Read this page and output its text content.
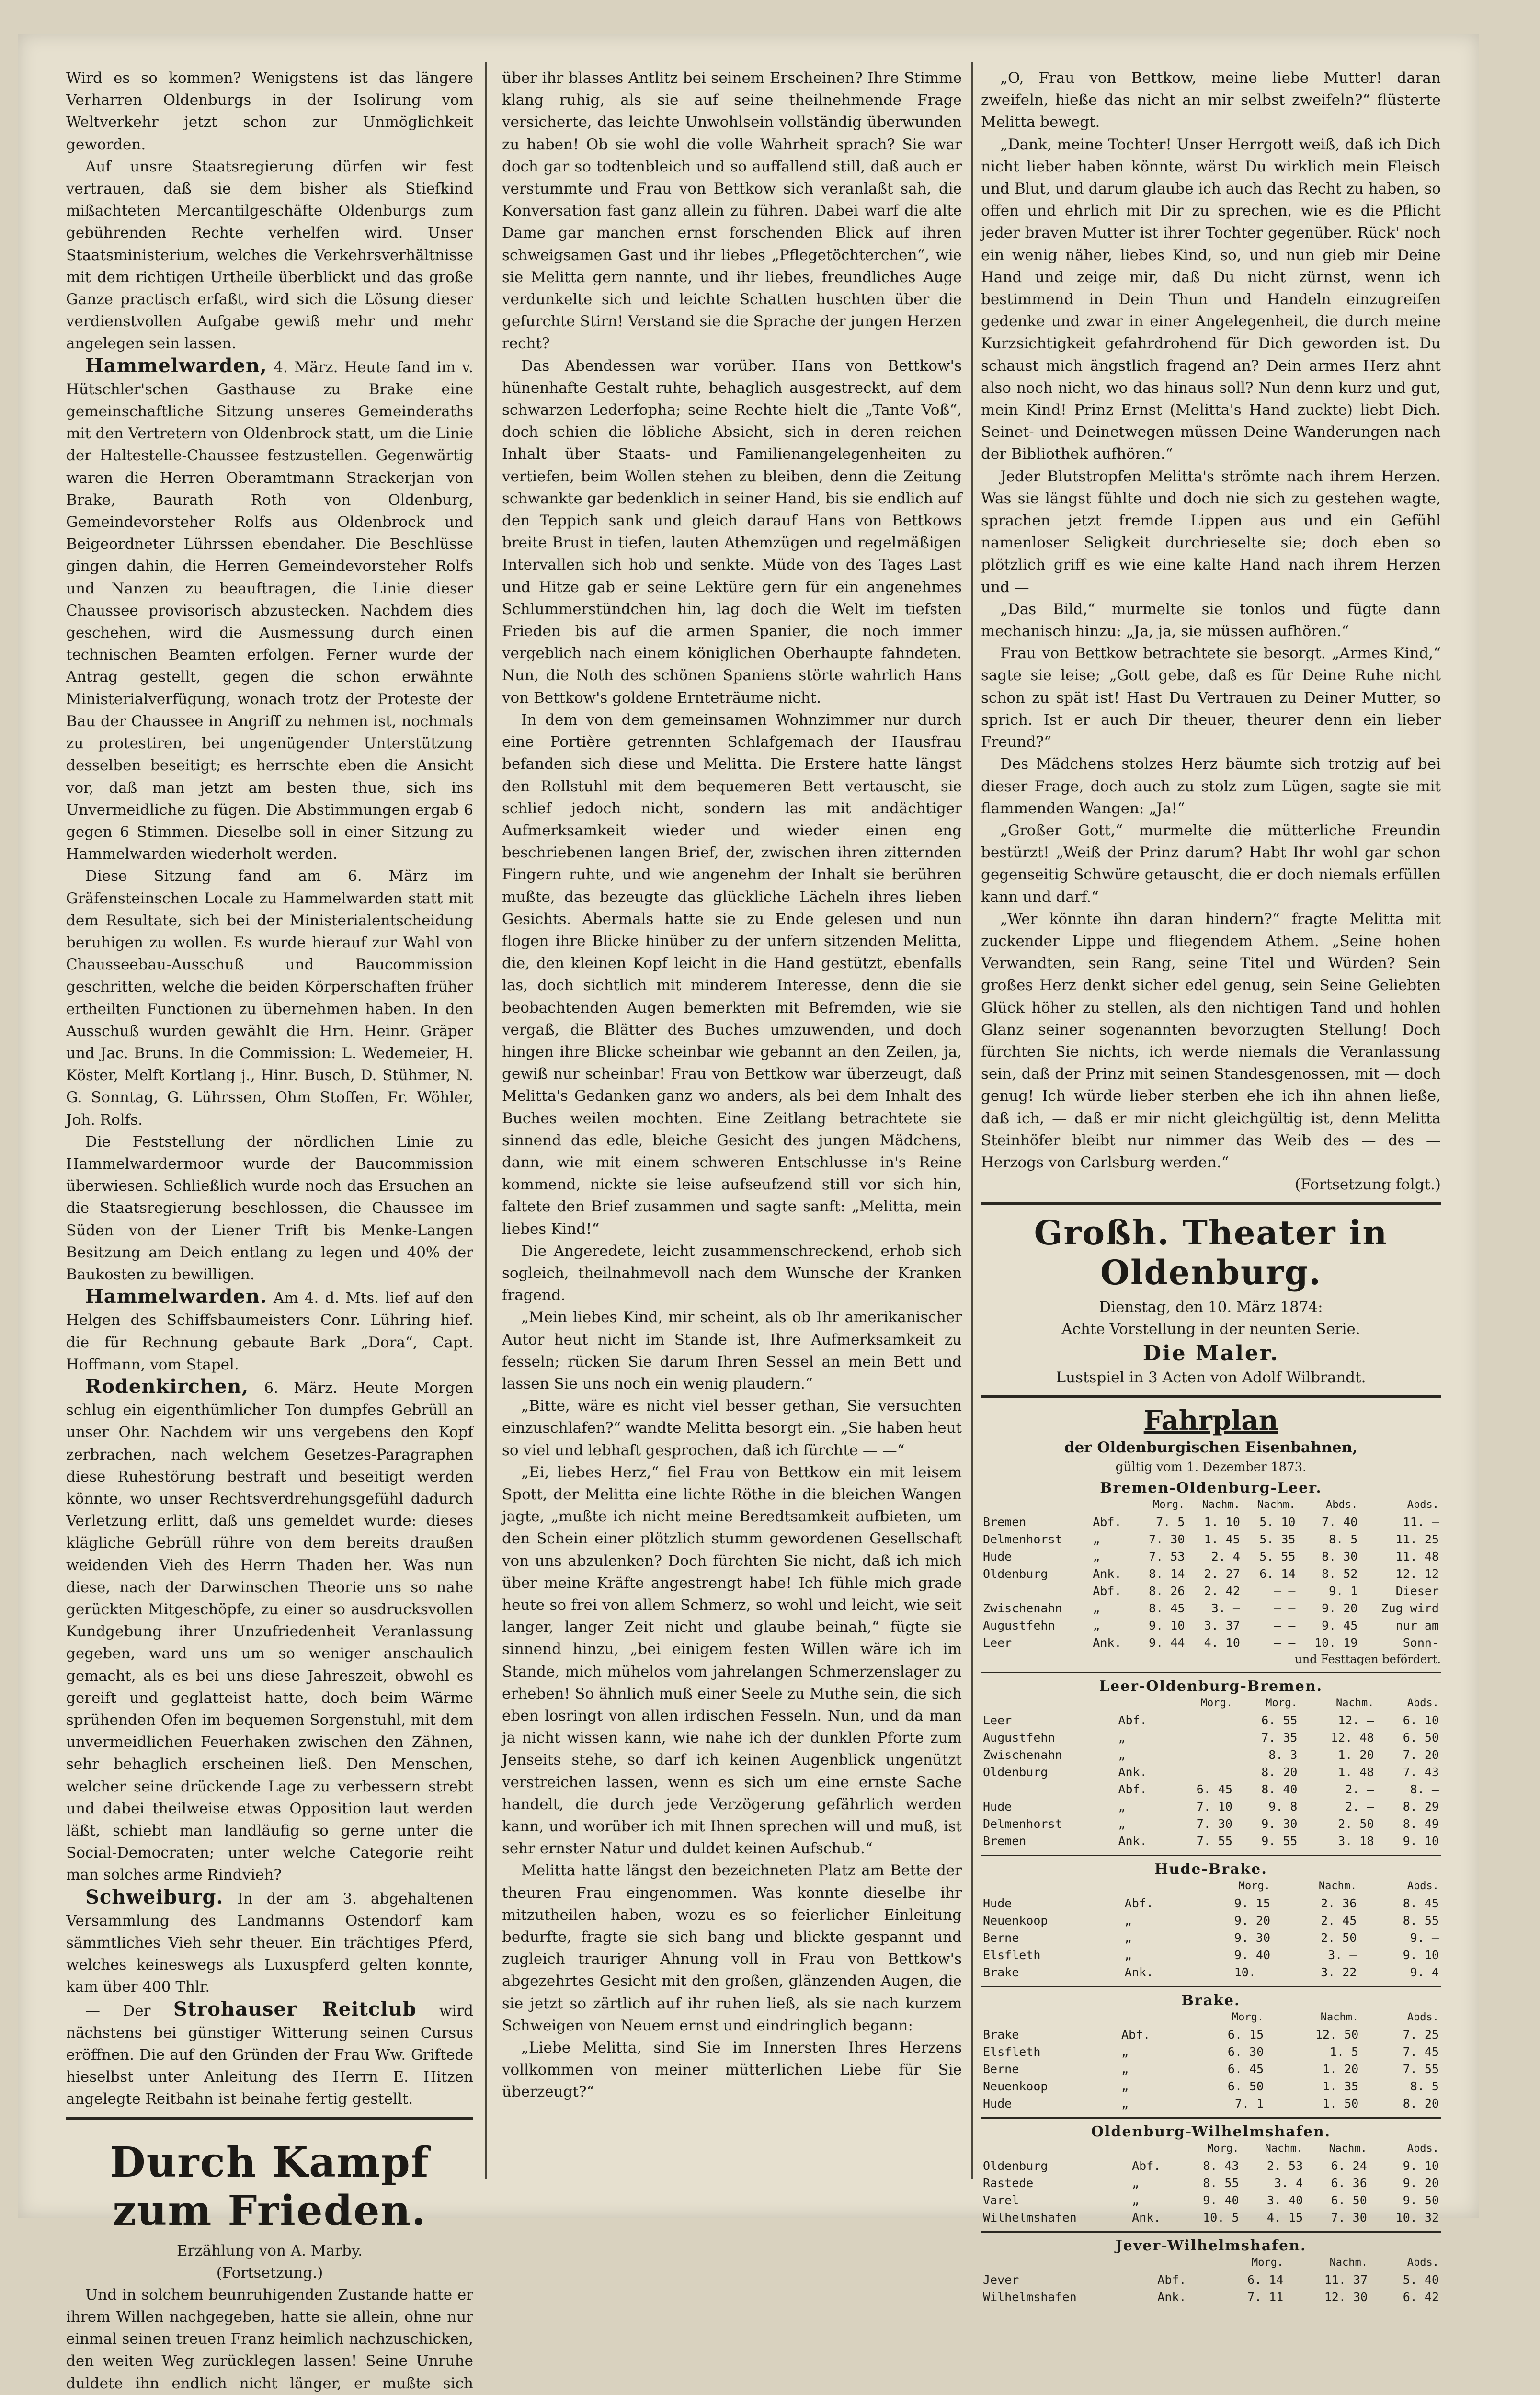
Wird es so kommen? Wenigstens ist das längere Verharren Oldenburgs in der Isolirung vom Weltverkehr jetzt schon zur Unmöglichkeit geworden.

Auf unsre Staatsregierung dürfen wir fest vertrauen, daß sie dem bisher als Stiefkind mißachteten Mercantilgeschäfte Oldenburgs zum gebührenden Rechte verhelfen wird. Unser Staatsministerium, welches die Verkehrsverhältnisse mit dem richtigen Urtheile überblickt und das große Ganze practisch erfaßt, wird sich die Lösung dieser verdienstvollen Aufgabe gewiß mehr und mehr angelegen sein lassen.

Hammelwarden, 4. März. Heute fand im v. Hütschler'schen Gasthause zu Brake eine gemeinschaftliche Sitzung unseres Gemeinderaths mit den Vertretern von Oldenbrock statt, um die Linie der Haltestelle-Chaussee festzustellen. Gegenwärtig waren die Herren Oberamtmann Strackerjan von Brake, Baurath Roth von Oldenburg, Gemeindevorsteher Rolfs aus Oldenbrock und Beigeordneter Lührssen ebendaher. Die Beschlüsse gingen dahin, die Herren Gemeindevorsteher Rolfs und Nanzen zu beauftragen, die Linie dieser Chaussee provisorisch abzustecken. Nachdem dies geschehen, wird die Ausmessung durch einen technischen Beamten erfolgen. Ferner wurde der Antrag gestellt, gegen die schon erwähnte Ministerialverfügung, wonach trotz der Proteste der Bau der Chaussee in Angriff zu nehmen ist, nochmals zu protestiren, bei ungenügender Unterstützung desselben beseitigt; es herrschte eben die Ansicht vor, daß man jetzt am besten thue, sich ins Unvermeidliche zu fügen. Die Abstimmungen ergab 6 gegen 6 Stimmen. Dieselbe soll in einer Sitzung zu Hammelwarden wiederholt werden.

Diese Sitzung fand am 6. März im Gräfensteinschen Locale zu Hammelwarden statt mit dem Resultate, sich bei der Ministerialentscheidung beruhigen zu wollen. Es wurde hierauf zur Wahl von Chausseebau-Ausschuß und Baucommission geschritten, welche die beiden Körperschaften früher ertheilten Functionen zu übernehmen haben. In den Ausschuß wurden gewählt die Hrn. Heinr. Gräper und Jac. Bruns. In die Commission: L. Wedemeier, H. Köster, Melft Kortlang j., Hinr. Busch, D. Stühmer, N. G. Sonntag, G. Lührssen, Ohm Stoffen, Fr. Wöhler, Joh. Rolfs.

Die Feststellung der nördlichen Linie zu Hammelwardermoor wurde der Baucommission überwiesen. Schließlich wurde noch das Ersuchen an die Staatsregierung beschlossen, die Chaussee im Süden von der Liener Trift bis Menke-Langen Besitzung am Deich entlang zu legen und 40% der Baukosten zu bewilligen.

Hammelwarden. Am 4. d. Mts. lief auf den Helgen des Schiffsbaumeisters Conr. Lühring hief. die für Rechnung gebaute Bark „Dora“, Capt. Hoffmann, vom Stapel.

Rodenkirchen, 6. März. Heute Morgen schlug ein eigenthümlicher Ton dumpfes Gebrüll an unser Ohr. Nachdem wir uns vergebens den Kopf zerbrachen, nach welchem Gesetzes-Paragraphen diese Ruhestörung bestraft und beseitigt werden könnte, wo unser Rechtsverdrehungsgefühl dadurch Verletzung erlitt, daß uns gemeldet wurde: dieses klägliche Gebrüll rühre von dem bereits draußen weidenden Vieh des Herrn Thaden her. Was nun diese, nach der Darwinschen Theorie uns so nahe gerückten Mitgeschöpfe, zu einer so ausdrucksvollen Kundgebung ihrer Unzufriedenheit Veranlassung gegeben, ward uns um so weniger anschaulich gemacht, als es bei uns diese Jahreszeit, obwohl es gereift und geglatteist hatte, doch beim Wärme sprühenden Ofen im bequemen Sorgenstuhl, mit dem unvermeidlichen Feuerhaken zwischen den Zähnen, sehr behaglich erscheinen ließ. Den Menschen, welcher seine drückende Lage zu verbessern strebt und dabei theilweise etwas Opposition laut werden läßt, schiebt man landläufig so gerne unter die Social-Democraten; unter welche Categorie reiht man solches arme Rindvieh?

Schweiburg. In der am 3. abgehaltenen Versammlung des Landmanns Ostendorf kam sämmtliches Vieh sehr theuer. Ein trächtiges Pferd, welches keineswegs als Luxuspferd gelten konnte, kam über 400 Thlr.

— Der Strohauser Reitclub wird nächstens bei günstiger Witterung seinen Cursus eröffnen. Die auf den Gründen der Frau Ww. Griftede hieselbst unter Anleitung des Herrn E. Hitzen angelegte Reitbahn ist beinahe fertig gestellt.

Durch Kampf zum Frieden.

Erzählung von A. Marby.

(Fortsetzung.)

Und in solchem beunruhigenden Zustande hatte er ihrem Willen nachgegeben, hatte sie allein, ohne nur einmal seinen treuen Franz heimlich nachzuschicken, den weiten Weg zurücklegen lassen! Seine Unruhe duldete ihn endlich nicht länger, er mußte sich

über ihr blasses Antlitz bei seinem Erscheinen? Ihre Stimme klang ruhig, als sie auf seine theilnehmende Frage versicherte, das leichte Unwohlsein vollständig überwunden zu haben! Ob sie wohl die volle Wahrheit sprach? Sie war doch gar so todtenbleich und so auffallend still, daß auch er verstummte und Frau von Bettkow sich veranlaßt sah, die Konversation fast ganz allein zu führen. Dabei warf die alte Dame gar manchen ernst forschenden Blick auf ihren schweigsamen Gast und ihr liebes „Pflegetöchterchen“, wie sie Melitta gern nannte, und ihr liebes, freundliches Auge verdunkelte sich und leichte Schatten huschten über die gefurchte Stirn! Verstand sie die Sprache der jungen Herzen recht?

Das Abendessen war vorüber. Hans von Bettkow's hünenhafte Gestalt ruhte, behaglich ausgestreckt, auf dem schwarzen Lederfopha; seine Rechte hielt die „Tante Voß“, doch schien die löbliche Absicht, sich in deren reichen Inhalt über Staats- und Familienangelegenheiten zu vertiefen, beim Wollen stehen zu bleiben, denn die Zeitung schwankte gar bedenklich in seiner Hand, bis sie endlich auf den Teppich sank und gleich darauf Hans von Bettkows breite Brust in tiefen, lauten Athemzügen und regelmäßigen Intervallen sich hob und senkte. Müde von des Tages Last und Hitze gab er seine Lektüre gern für ein angenehmes Schlummerstündchen hin, lag doch die Welt im tiefsten Frieden bis auf die armen Spanier, die noch immer vergeblich nach einem königlichen Oberhaupte fahndeten. Nun, die Noth des schönen Spaniens störte wahrlich Hans von Bettkow's goldene Ernteträume nicht.

In dem von dem gemeinsamen Wohnzimmer nur durch eine Portière getrennten Schlafgemach der Hausfrau befanden sich diese und Melitta. Die Erstere hatte längst den Rollstuhl mit dem bequemeren Bett vertauscht, sie schlief jedoch nicht, sondern las mit andächtiger Aufmerksamkeit wieder und wieder einen eng beschriebenen langen Brief, der, zwischen ihren zitternden Fingern ruhte, und wie angenehm der Inhalt sie berühren mußte, das bezeugte das glückliche Lächeln ihres lieben Gesichts. Abermals hatte sie zu Ende gelesen und nun flogen ihre Blicke hinüber zu der unfern sitzenden Melitta, die, den kleinen Kopf leicht in die Hand gestützt, ebenfalls las, doch sichtlich mit minderem Interesse, denn die sie beobachtenden Augen bemerkten mit Befremden, wie sie vergaß, die Blätter des Buches umzuwenden, und doch hingen ihre Blicke scheinbar wie gebannt an den Zeilen, ja, gewiß nur scheinbar! Frau von Bettkow war überzeugt, daß Melitta's Gedanken ganz wo anders, als bei dem Inhalt des Buches weilen mochten. Eine Zeitlang betrachtete sie sinnend das edle, bleiche Gesicht des jungen Mädchens, dann, wie mit einem schweren Entschlusse in's Reine kommend, nickte sie leise aufseufzend still vor sich hin, faltete den Brief zusammen und sagte sanft: „Melitta, mein liebes Kind!“

Die Angeredete, leicht zusammenschreckend, erhob sich sogleich, theilnahmevoll nach dem Wunsche der Kranken fragend.

„Mein liebes Kind, mir scheint, als ob Ihr amerikanischer Autor heut nicht im Stande ist, Ihre Aufmerksamkeit zu fesseln; rücken Sie darum Ihren Sessel an mein Bett und lassen Sie uns noch ein wenig plaudern.“

„Bitte, wäre es nicht viel besser gethan, Sie versuchten einzuschlafen?“ wandte Melitta besorgt ein. „Sie haben heut so viel und lebhaft gesprochen, daß ich fürchte — —“

„Ei, liebes Herz,“ fiel Frau von Bettkow ein mit leisem Spott, der Melitta eine lichte Röthe in die bleichen Wangen jagte, „mußte ich nicht meine Beredtsamkeit aufbieten, um den Schein einer plötzlich stumm gewordenen Gesellschaft von uns abzulenken? Doch fürchten Sie nicht, daß ich mich über meine Kräfte angestrengt habe! Ich fühle mich grade heute so frei von allem Schmerz, so wohl und leicht, wie seit langer, langer Zeit nicht und glaube beinah,“ fügte sie sinnend hinzu, „bei einigem festen Willen wäre ich im Stande, mich mühelos vom jahrelangen Schmerzenslager zu erheben! So ähnlich muß einer Seele zu Muthe sein, die sich eben losringt von allen irdischen Fesseln. Nun, und da man ja nicht wissen kann, wie nahe ich der dunklen Pforte zum Jenseits stehe, so darf ich keinen Augenblick ungenützt verstreichen lassen, wenn es sich um eine ernste Sache handelt, die durch jede Verzögerung gefährlich werden kann, und worüber ich mit Ihnen sprechen will und muß, ist sehr ernster Natur und duldet keinen Aufschub.“

Melitta hatte längst den bezeichneten Platz am Bette der theuren Frau eingenommen. Was konnte dieselbe ihr mitzutheilen haben, wozu es so feierlicher Einleitung bedurfte, fragte sie sich bang und blickte gespannt und zugleich trauriger Ahnung voll in Frau von Bettkow's abgezehrtes Gesicht mit den großen, glänzenden Augen, die sie jetzt so zärtlich auf ihr ruhen ließ, als sie nach kurzem Schweigen von Neuem ernst und eindringlich begann:

„Liebe Melitta, sind Sie im Innersten Ihres Herzens vollkommen von meiner mütterlichen Liebe für Sie überzeugt?“

„O, Frau von Bettkow, meine liebe Mutter! daran zweifeln, hieße das nicht an mir selbst zweifeln?“ flüsterte Melitta bewegt.

„Dank, meine Tochter! Unser Herrgott weiß, daß ich Dich nicht lieber haben könnte, wärst Du wirklich mein Fleisch und Blut, und darum glaube ich auch das Recht zu haben, so offen und ehrlich mit Dir zu sprechen, wie es die Pflicht jeder braven Mutter ist ihrer Tochter gegenüber. Rück' noch ein wenig näher, liebes Kind, so, und nun gieb mir Deine Hand und zeige mir, daß Du nicht zürnst, wenn ich bestimmend in Dein Thun und Handeln einzugreifen gedenke und zwar in einer Angelegenheit, die durch meine Kurzsichtigkeit gefahrdrohend für Dich geworden ist. Du schaust mich ängstlich fragend an? Dein armes Herz ahnt also noch nicht, wo das hinaus soll? Nun denn kurz und gut, mein Kind! Prinz Ernst (Melitta's Hand zuckte) liebt Dich. Seinet- und Deinetwegen müssen Deine Wanderungen nach der Bibliothek aufhören.“

Jeder Blutstropfen Melitta's strömte nach ihrem Herzen. Was sie längst fühlte und doch nie sich zu gestehen wagte, sprachen jetzt fremde Lippen aus und ein Gefühl namenloser Seligkeit durchrieselte sie; doch eben so plötzlich griff es wie eine kalte Hand nach ihrem Herzen und —

„Das Bild,“ murmelte sie tonlos und fügte dann mechanisch hinzu: „Ja, ja, sie müssen aufhören.“

Frau von Bettkow betrachtete sie besorgt. „Armes Kind,“ sagte sie leise; „Gott gebe, daß es für Deine Ruhe nicht schon zu spät ist! Hast Du Vertrauen zu Deiner Mutter, so sprich. Ist er auch Dir theuer, theurer denn ein lieber Freund?“

Des Mädchens stolzes Herz bäumte sich trotzig auf bei dieser Frage, doch auch zu stolz zum Lügen, sagte sie mit flammenden Wangen: „Ja!“

„Großer Gott,“ murmelte die mütterliche Freundin bestürzt! „Weiß der Prinz darum? Habt Ihr wohl gar schon gegenseitig Schwüre getauscht, die er doch niemals erfüllen kann und darf.“

„Wer könnte ihn daran hindern?“ fragte Melitta mit zuckender Lippe und fliegendem Athem. „Seine hohen Verwandten, sein Rang, seine Titel und Würden? Sein großes Herz denkt sicher edel genug, sein Seine Geliebten Glück höher zu stellen, als den nichtigen Tand und hohlen Glanz seiner sogenannten bevorzugten Stellung! Doch fürchten Sie nichts, ich werde niemals die Veranlassung sein, daß der Prinz mit seinen Standesgenossen, mit — doch genug! Ich würde lieber sterben ehe ich ihn ahnen ließe, daß ich, — daß er mir nicht gleichgültig ist, denn Melitta Steinhöfer bleibt nur nimmer das Weib des — des — Herzogs von Carlsburg werden.“

(Fortsetzung folgt.)

Großh. Theater in Oldenburg.

Dienstag, den 10. März 1874:

Achte Vorstellung in der neunten Serie.

Die Maler.

Lustspiel in 3 Acten von Adolf Wilbrandt.

Fahrplan

der Oldenburgischen Eisenbahnen,

gültig vom 1. Dezember 1873.

Bremen-Oldenburg-Leer.
		Morg.	Nachm.	Nachm.	Abds.	Abds.
Bremen	Abf.	7. 5	1. 10	5. 10	7. 40	11. —
Delmenhorst	„	7. 30	1. 45	5. 35	8. 5	11. 25
Hude	„	7. 53	2. 4	5. 55	8. 30	11. 48
Oldenburg	Ank.	8. 14	2. 27	6. 14	8. 52	12. 12
	Abf.	8. 26	2. 42	— —	9. 1	Dieser
Zwischenahn	„	8. 45	3. —	— —	9. 20	Zug wird
Augustfehn	„	9. 10	3. 37	— —	9. 45	nur am
Leer	Ank.	9. 44	4. 10	— —	10. 19	Sonn-

und Festtagen befördert.

Leer-Oldenburg-Bremen.
		Morg.	Morg.	Nachm.	Abds.
Leer	Abf.		6. 55	12. —	6. 10
Augustfehn	„		7. 35	12. 48	6. 50
Zwischenahn	„		8. 3	1. 20	7. 20
Oldenburg	Ank.		8. 20	1. 48	7. 43
	Abf.	6. 45	8. 40	2. —	8. —
Hude	„	7. 10	9. 8	2. —	8. 29
Delmenhorst	„	7. 30	9. 30	2. 50	8. 49
Bremen	Ank.	7. 55	9. 55	3. 18	9. 10
Hude-Brake.
		Morg.	Nachm.	Abds.
Hude	Abf.	9. 15	2. 36	8. 45
Neuenkoop	„	9. 20	2. 45	8. 55
Berne	„	9. 30	2. 50	9. —
Elsfleth	„	9. 40	3. —	9. 10
Brake	Ank.	10. —	3. 22	9. 4
Brake.
		Morg.	Nachm.	Abds.
Brake	Abf.	6. 15	12. 50	7. 25
Elsfleth	„	6. 30	1. 5	7. 45
Berne	„	6. 45	1. 20	7. 55
Neuenkoop	„	6. 50	1. 35	8. 5
Hude	„	7. 1	1. 50	8. 20
Oldenburg-Wilhelmshafen.
		Morg.	Nachm.	Nachm.	Abds.
Oldenburg	Abf.	8. 43	2. 53	6. 24	9. 10
Rastede	„	8. 55	3. 4	6. 36	9. 20
Varel	„	9. 40	3. 40	6. 50	9. 50
Wilhelmshafen	Ank.	10. 5	4. 15	7. 30	10. 32
Jever-Wilhelmshafen.
		Morg.	Nachm.	Abds.
Jever	Abf.	6. 14	11. 37	5. 40
Wilhelmshafen	Ank.	7. 11	12. 30	6. 42
